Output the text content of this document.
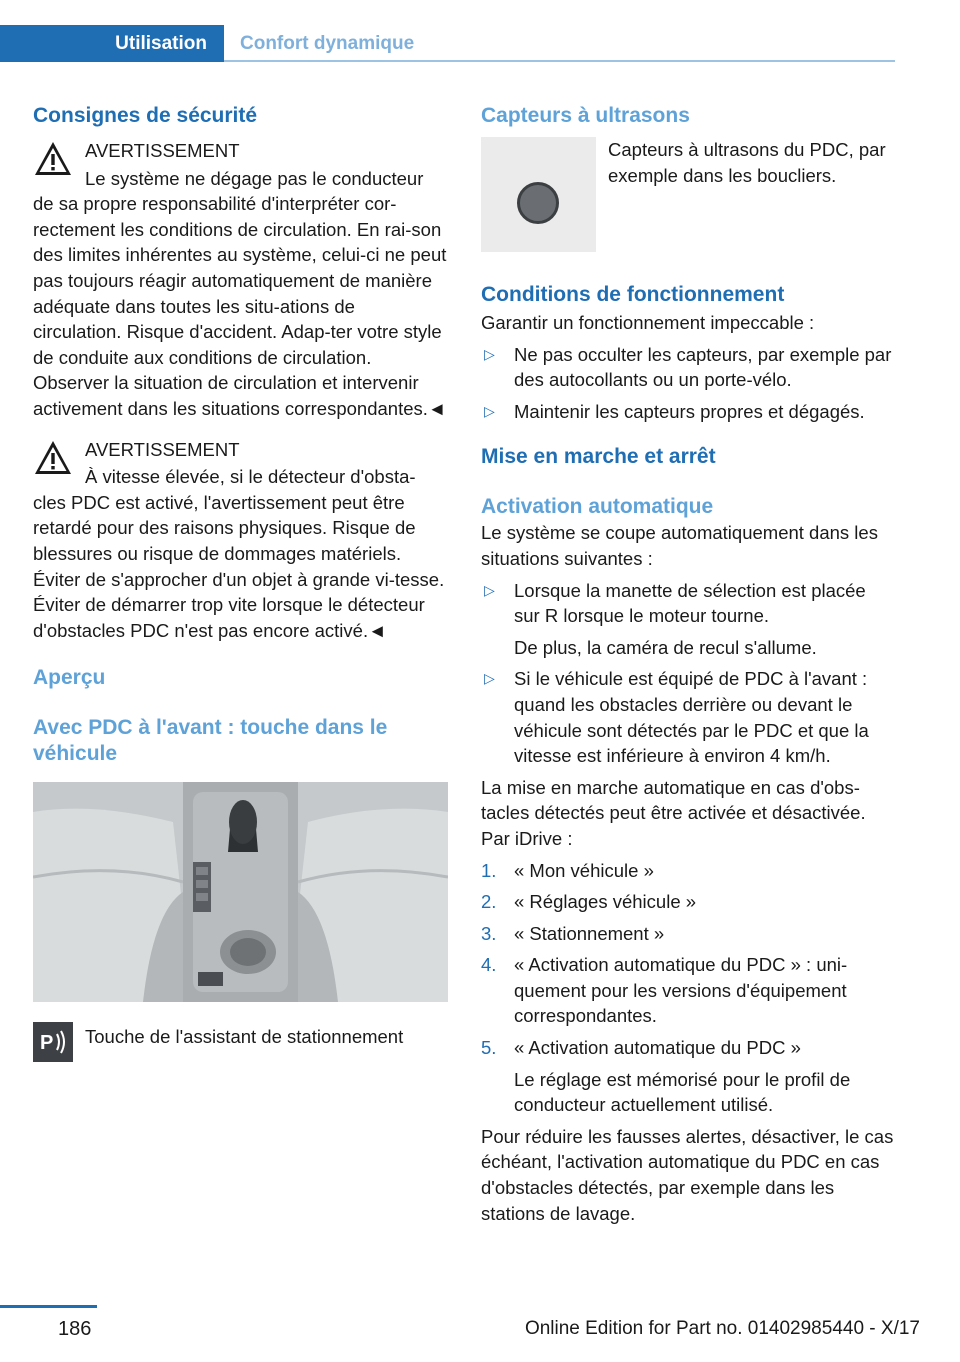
Utilisation	Confort dynamique
Consignes de sécurité
AVERTISSEMENT

Le système ne dégage pas le conducteur de sa propre responsabilité d'interpréter cor-rectement les conditions de circulation. En rai-son des limites inhérentes au système, celui-ci ne peut pas toujours réagir automatiquement de manière adéquate dans toutes les situ-ations de circulation. Risque d'accident. Adap-ter votre style de conduite aux conditions de circulation. Observer la situation de circulation et intervenir activement dans les situations correspondantes.◄

AVERTISSEMENT

À vitesse élevée, si le détecteur d'obsta-cles PDC est activé, l'avertissement peut être retardé pour des raisons physiques. Risque de blessures ou risque de dommages matériels. Éviter de s'approcher d'un objet à grande vi-tesse. Éviter de démarrer trop vite lorsque le détecteur d'obstacles PDC n'est pas encore activé.◄

Aperçu
Avec PDC à l'avant : touche dans le véhicule
P	Touche de l'assistant de stationnement
Capteurs à ultrasons

Capteurs à ultrasons du PDC, par exemple dans les boucliers.

Conditions de fonctionnement

Garantir un fonctionnement impeccable :

▷	Ne pas occulter les capteurs, par exemple par des autocollants ou un porte-vélo.
▷	Maintenir les capteurs propres et dégagés.
Mise en marche et arrêt
Activation automatique

Le système se coupe automatiquement dans les situations suivantes :

▷	Lorsque la manette de sélection est placée sur R lorsque le moteur tourne.
De plus, la caméra de recul s'allume.
▷	Si le véhicule est équipé de PDC à l'avant : quand les obstacles derrière ou devant le véhicule sont détectés par le PDC et que la vitesse est inférieure à environ 4 km/h.

La mise en marche automatique en cas d'obs-tacles détectés peut être activée et désactivée. Par iDrive :

1. « Mon véhicule »
2. « Réglages véhicule »
3. « Stationnement »
4. « Activation automatique du PDC » : uni-quement pour les versions d'équipement correspondantes.
5. « Activation automatique du PDC »
Le réglage est mémorisé pour le profil de conducteur actuellement utilisé.

Pour réduire les fausses alertes, désactiver, le cas échéant, l'activation automatique du PDC en cas d'obstacles détectés, par exemple dans les stations de lavage.

186	Online Edition for Part no. 01402985440 - X/17
